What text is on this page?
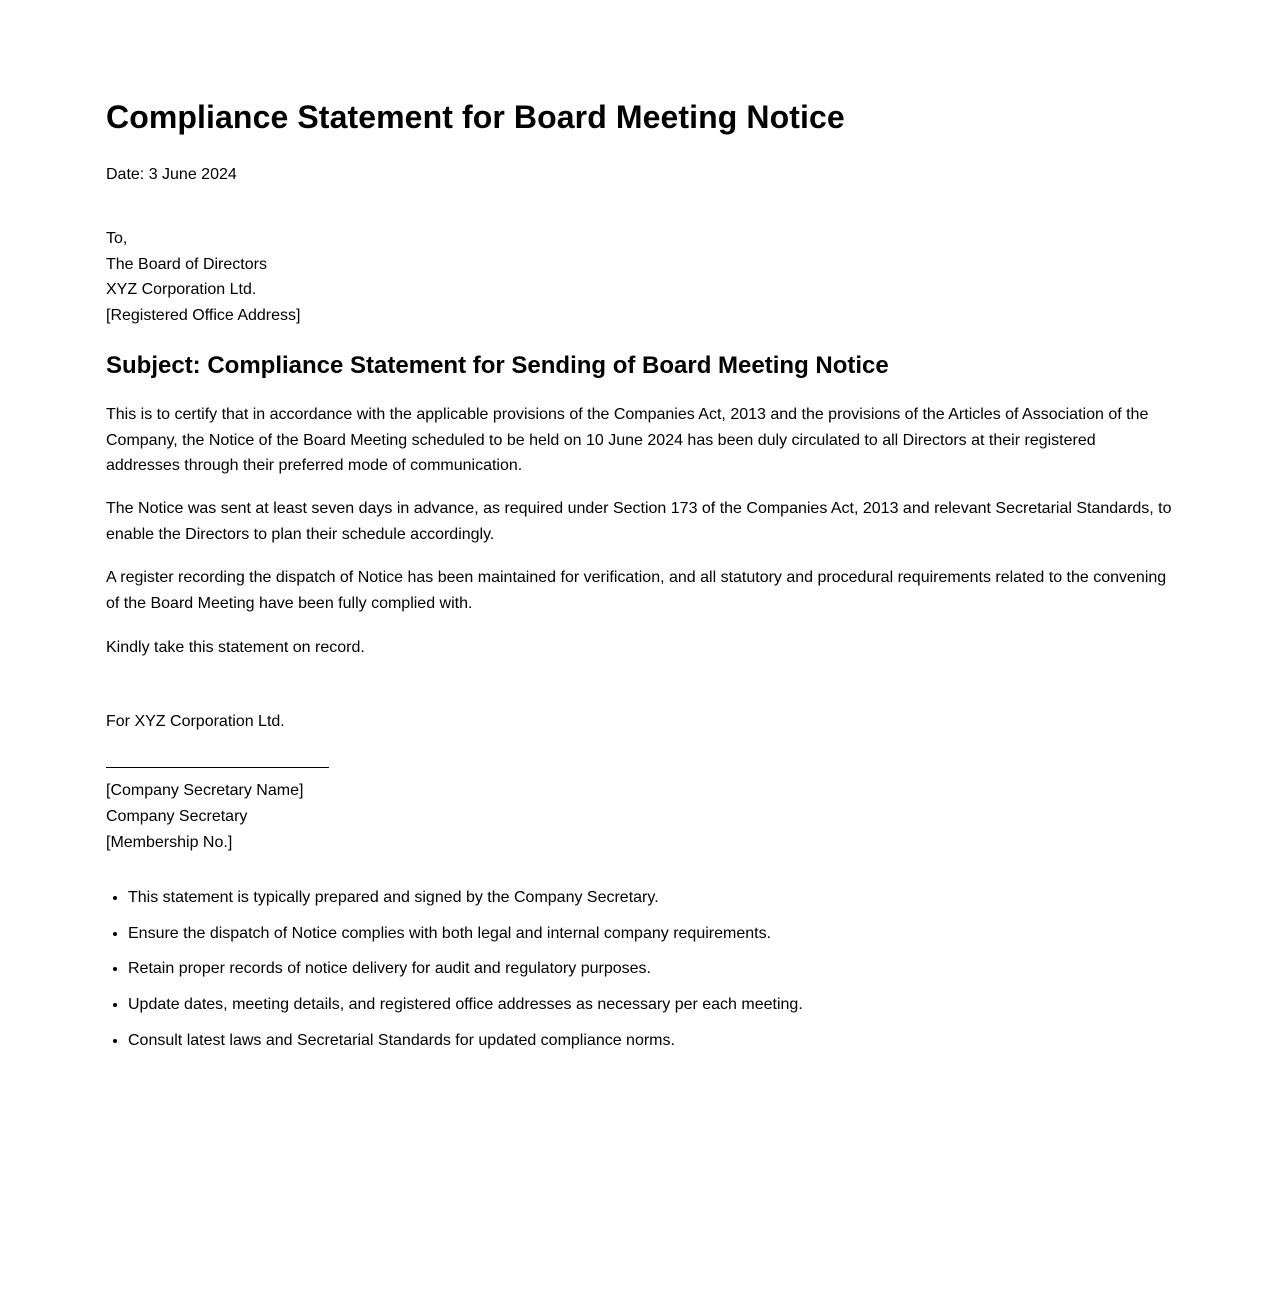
Compliance Statement for Board Meeting Notice

Date: 3 June 2024

To,
The Board of Directors
XYZ Corporation Ltd.
[Registered Office Address]
Subject: Compliance Statement for Sending of Board Meeting Notice

This is to certify that in accordance with the applicable provisions of the Companies Act, 2013 and the provisions of the Articles of Association of the Company, the Notice of the Board Meeting scheduled to be held on 10 June 2024 has been duly circulated to all Directors at their registered addresses through their preferred mode of communication.

The Notice was sent at least seven days in advance, as required under Section 173 of the Companies Act, 2013 and relevant Secretarial Standards, to enable the Directors to plan their schedule accordingly.

A register recording the dispatch of Notice has been maintained for verification, and all statutory and procedural requirements related to the convening of the Board Meeting have been fully complied with.

Kindly take this statement on record.

For XYZ Corporation Ltd.

[Company Secretary Name]
Company Secretary
[Membership No.]
• This statement is typically prepared and signed by the Company Secretary.
• Ensure the dispatch of Notice complies with both legal and internal company requirements.
• Retain proper records of notice delivery for audit and regulatory purposes.
• Update dates, meeting details, and registered office addresses as necessary per each meeting.
• Consult latest laws and Secretarial Standards for updated compliance norms.
